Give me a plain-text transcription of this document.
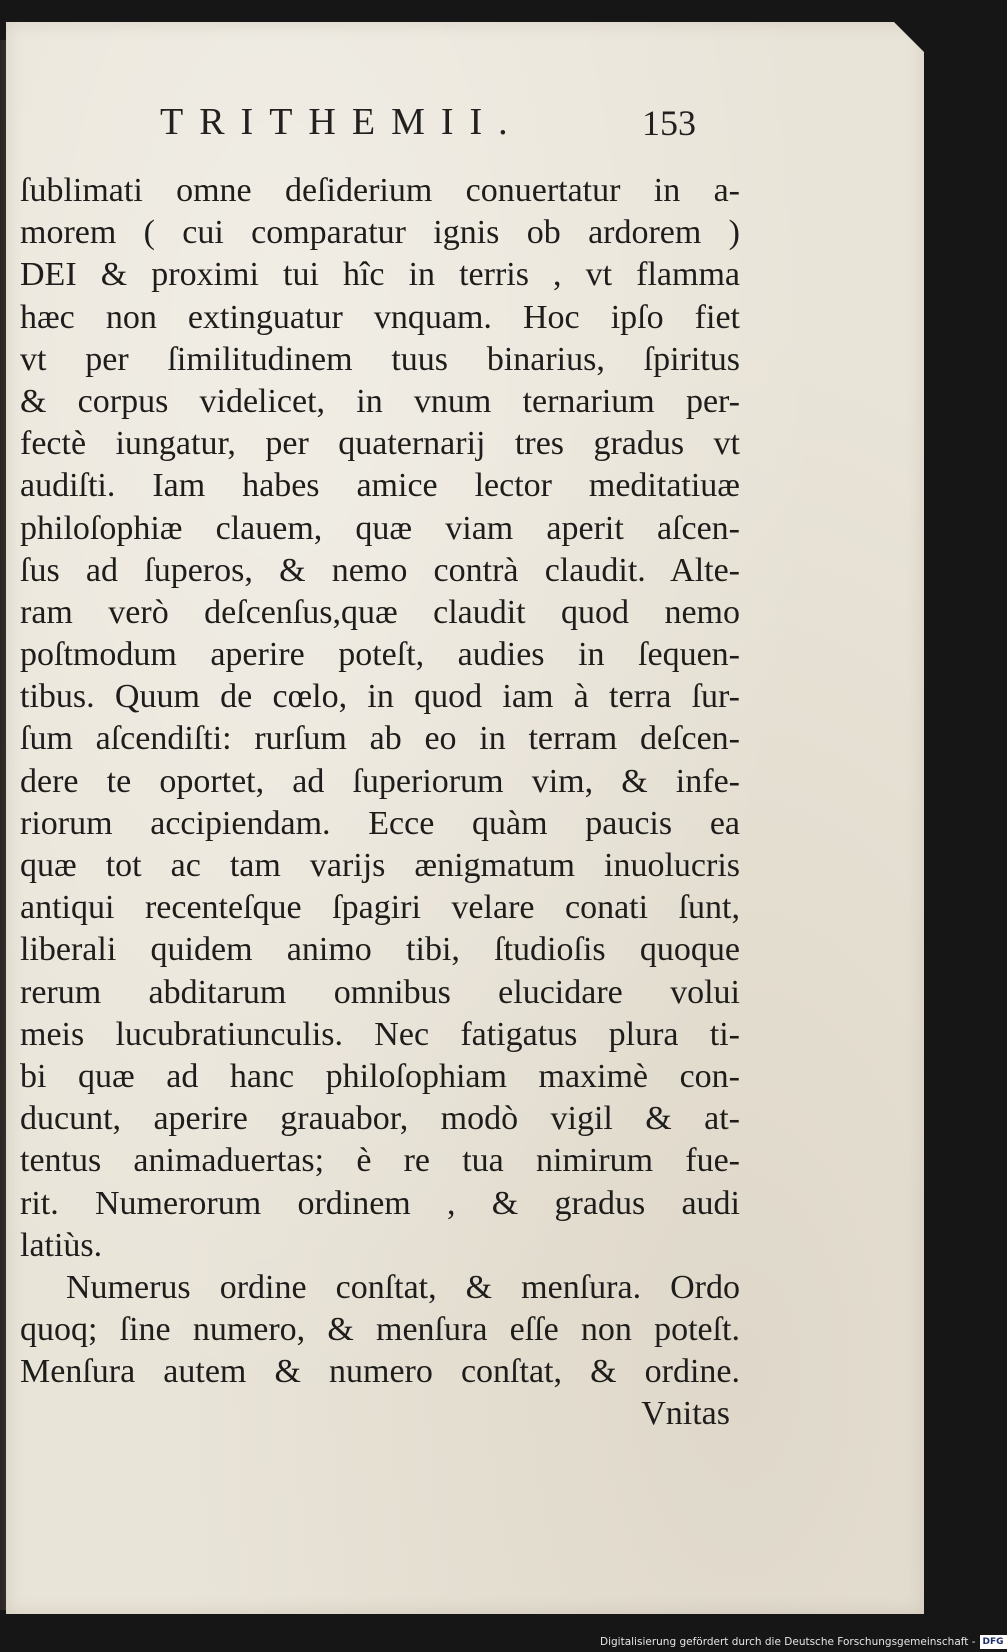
TRITHEMII.	153
ſublimati omne deſiderium conuertatur in a-
morem ( cui comparatur ignis ob ardorem )
DEI & proximi tui hîc in terris , vt flamma
hæc non extinguatur vnquam. Hoc ipſo fiet
vt per ſimilitudinem tuus binarius, ſpiritus
& corpus videlicet, in vnum ternarium per-
fectè iungatur, per quaternarij tres gradus vt
audiſti. Iam habes amice lector meditatiuæ
philoſophiæ clauem, quæ viam aperit aſcen-
ſus ad ſuperos, & nemo contrà claudit. Alte-
ram verò deſcenſus,quæ claudit quod nemo
poſtmodum aperire poteſt, audies in ſequen-
tibus. Quum de cœlo, in quod iam à terra ſur-
ſum aſcendiſti: rurſum ab eo in terram deſcen-
dere te oportet, ad ſuperiorum vim, & infe-
riorum accipiendam. Ecce quàm paucis ea
quæ tot ac tam varijs ænigmatum inuolucris
antiqui recenteſque ſpagiri velare conati ſunt,
liberali quidem animo tibi, ſtudioſis quoque
rerum abditarum omnibus elucidare volui
meis lucubratiunculis. Nec fatigatus plura ti-
bi quæ ad hanc philoſophiam maximè con-
ducunt, aperire grauabor, modò vigil & at-
tentus animaduertas; è re tua nimirum fue-
rit. Numerorum ordinem , & gradus audi
latiùs.
Numerus ordine conſtat, & menſura. Ordo
quoq; ſine numero, & menſura eſſe non poteſt.
Menſura autem & numero conſtat, & ordine.
Vnitas
Digitalisierung gefördert durch die Deutsche Forschungsgemeinschaft - DFG
